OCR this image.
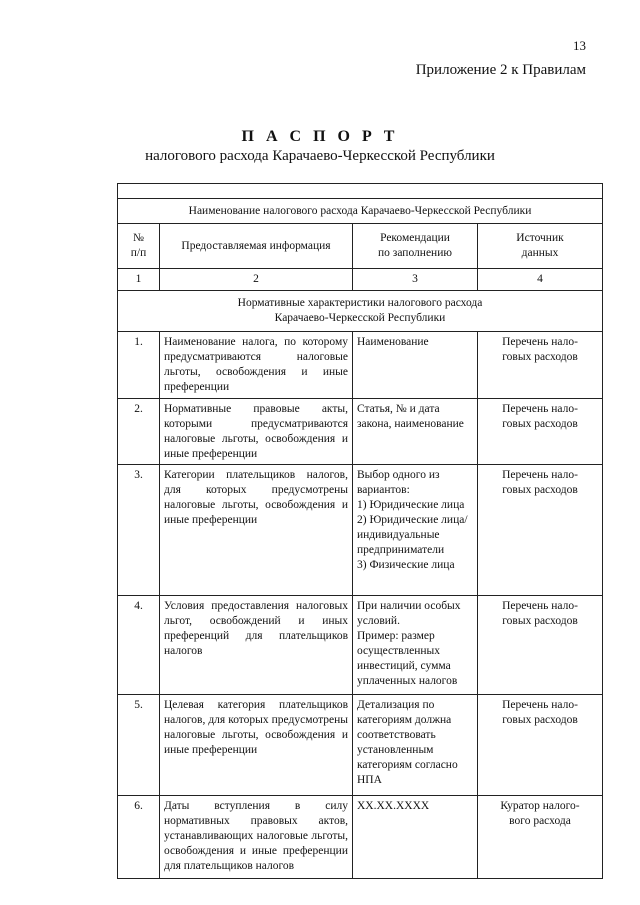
13
Приложение 2 к Правилам
П А С П О Р Т
налогового расхода Карачаево-Черкесской Республики

Наименование налогового расхода Карачаево-Черкесской Республики			
№
п/п	Предоставляемая информация	Рекомендации
по заполнению	Источник
данных
1	2	3	4
Нормативные характеристики налогового расхода
Карачаево-Черкесской Республики			
1.	Наименование налога, по которому предусматриваются налоговые льготы, освобождения и иные преференции	Наименование	Перечень нало-
говых расходов
2.	Нормативные правовые акты, которыми предусматриваются налоговые льготы, освобождения и иные преференции	Статья, № и дата закона, наименование	Перечень нало-
говых расходов
3.	Категории плательщиков налогов, для которых предусмотрены налоговые льготы, освобождения и иные преференции	Выбор одного из вариантов:
1) Юридические лица
2) Юридические лица/индивидуальные предприниматели
3) Физические лица	Перечень нало-
говых расходов
4.	Условия предоставления налоговых льгот, освобождений и иных преференций для плательщиков налогов	При наличии особых условий.
Пример: размер осуществленных инвестиций, сумма уплаченных налогов	Перечень нало-
говых расходов
5.	Целевая категория плательщиков налогов, для которых предусмотрены налоговые льготы, освобождения и иные преференции	Детализация по категориям должна соответствовать установленным категориям согласно НПА	Перечень нало-
говых расходов
6.	Даты вступления в силу нормативных правовых актов, устанавливающих налоговые льготы, освобождения и иные преференции для плательщиков налогов	XX.XX.XXXX	Куратор налого-
вого расхода
